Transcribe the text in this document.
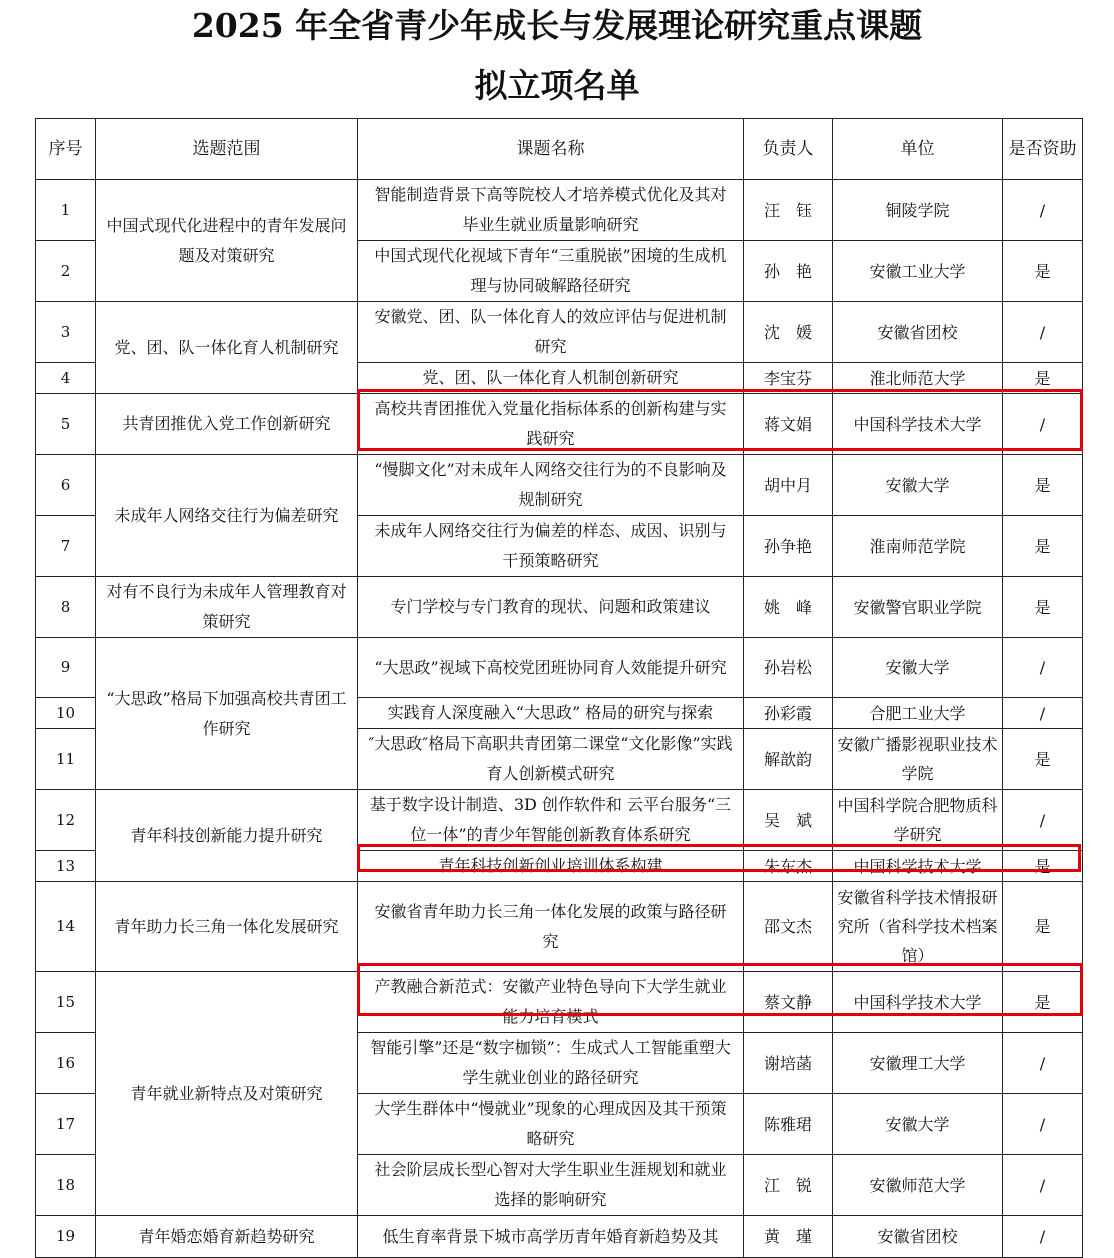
2025 年全省青少年成长与发展理论研究重点课题
拟立项名单
序号	选题范围	课题名称	负责人	单位	是否资助
1	中国式现代化进程中的青年发展问题及对策研究	智能制造背景下高等院校人才培养模式优化及其对毕业生就业质量影响研究	汪　钰	铜陵学院	/
2		中国式现代化视域下青年“三重脱嵌”困境的生成机理与协同破解路径研究	孙　艳	安徽工业大学	是
3	党、团、队一体化育人机制研究	安徽党、团、队一体化育人的效应评估与促进机制研究	沈　媛	安徽省团校	/
4		党、团、队一体化育人机制创新研究	李宝芬	淮北师范大学	是
5	共青团推优入党工作创新研究	高校共青团推优入党量化指标体系的创新构建与实践研究	蒋文娟	中国科学技术大学	/
6	未成年人网络交往行为偏差研究	“慢脚文化”对未成年人网络交往行为的不良影响及规制研究	胡中月	安徽大学	是
7		未成年人网络交往行为偏差的样态、成因、识别与干预策略研究	孙争艳	淮南师范学院	是
8	对有不良行为未成年人管理教育对策研究	专门学校与专门教育的现状、问题和政策建议	姚　峰	安徽警官职业学院	是
9	“大思政”格局下加强高校共青团工作研究	“大思政”视域下高校党团班协同育人效能提升研究	孙岩松	安徽大学	/
10		实践育人深度融入“大思政” 格局的研究与探索	孙彩霞	合肥工业大学	/
11		″大思政″格局下高职共青团第二课堂“文化影像”实践育人创新模式研究	解歆韵	安徽广播影视职业技术学院	是
12	青年科技创新能力提升研究	基于数字设计制造、3D 创作软件和 云平台服务“三位一体”的青少年智能创新教育体系研究	吴　斌	中国科学院合肥物质科学研究	/
13		青年科技创新创业培训体系构建	朱东杰	中国科学技术大学	是
14	青年助力长三角一体化发展研究	安徽省青年助力长三角一体化发展的政策与路径研究	邵文杰	安徽省科学技术情报研究所（省科学技术档案馆）	是
15	青年就业新特点及对策研究	产教融合新范式：安徽产业特色导向下大学生就业能力培育模式	蔡文静	中国科学技术大学	是
16		智能引擎”还是“数字枷锁”：生成式人工智能重塑大学生就业创业的路径研究	谢培菡	安徽理工大学	/
17		大学生群体中“慢就业”现象的心理成因及其干预策略研究	陈雅珺	安徽大学	/
18		社会阶层成长型心智对大学生职业生涯规划和就业选择的影响研究	江　锐	安徽师范大学	/
19	青年婚恋婚育新趋势研究	低生育率背景下城市高学历青年婚育新趋势及其	黄　瑾	安徽省团校	/
